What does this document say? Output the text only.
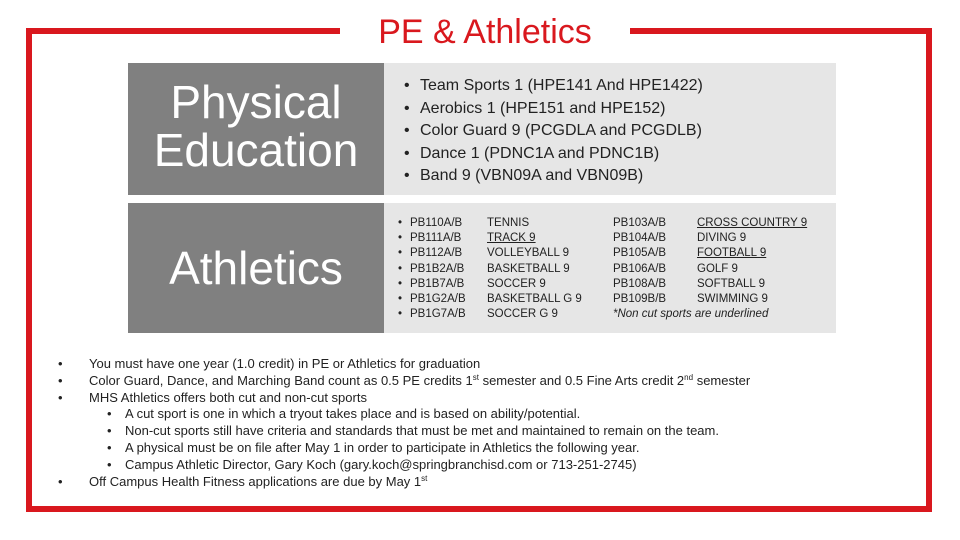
PE & Athletics
Physical
Education
• Team Sports 1 (HPE141 And HPE1422)
• Aerobics 1 (HPE151 and HPE152)
• Color Guard 9 (PCGDLA and PCGDLB)
• Dance 1 (PDNC1A and PDNC1B)
• Band 9 (VBN09A and VBN09B)
Athletics
• PB110A/B
• PB111A/B
• PB112A/B
• PB1B2A/B
• PB1B7A/B
• PB1G2A/B
• PB1G7A/B
TENNIS
TRACK 9
VOLLEYBALL 9
BASKETBALL 9
SOCCER 9
BASKETBALL G 9
SOCCER G 9
PB103A/B
PB104A/B
PB105A/B
PB106A/B
PB108A/B
PB109B/B
*Non cut sports are underlined
CROSS COUNTRY 9
DIVING 9
FOOTBALL 9
GOLF 9
SOFTBALL 9
SWIMMING 9
• You must have one year (1.0 credit) in PE or Athletics for graduation
• Color Guard, Dance, and Marching Band count as 0.5 PE credits 1st semester and 0.5 Fine Arts credit 2nd semester
• MHS Athletics offers both cut and non-cut sports
• A cut sport is one in which a tryout takes place and is based on ability/potential.
• Non-cut sports still have criteria and standards that must be met and maintained to remain on the team.
• A physical must be on file after May 1 in order to participate in Athletics the following year.
• Campus Athletic Director, Gary Koch (gary.koch@springbranchisd.com or 713-251-2745)
• Off Campus Health Fitness applications are due by May 1st
